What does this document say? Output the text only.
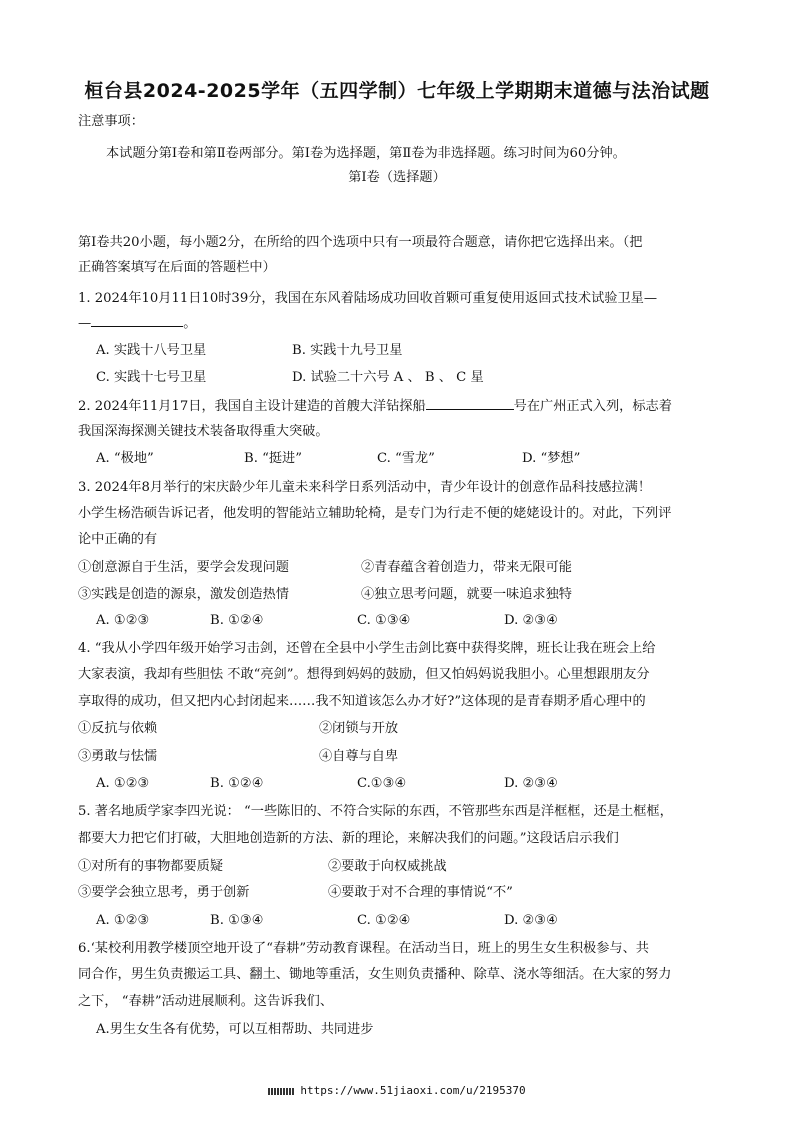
桓台县2024-2025学年（五四学制）七年级上学期期末道德与法治试题
注意事项：
本试题分第Ⅰ卷和第Ⅱ卷两部分。第Ⅰ卷为选择题，第Ⅱ卷为非选择题。练习时间为60分钟。
第Ⅰ卷（选择题）
第Ⅰ卷共20小题，每小题2分，在所给的四个选项中只有一项最符合题意，请你把它选择出来。（把
正确答案填写在后面的答题栏中）
1. 2024年10月11日10时39分，我国在东风着陆场成功回收首颗可重复使用返回式技术试验卫星—
—	。
A. 实践十八号卫星	B. 实践十九号卫星
C. 实践十七号卫星	D. 试验二十六号 A 、 B 、 C 星
2. 2024年11月17日，我国自主设计建造的首艘大洋钻探船	号在广州正式入列，标志着
我国深海探测关键技术装备取得重大突破。
A. “极地”	B. “挺进”	C. “雪龙”	D. “梦想”
3. 2024年8月举行的宋庆龄少年儿童未来科学日系列活动中，青少年设计的创意作品科技感拉满！
小学生杨浩硕告诉记者，他发明的智能站立辅助轮椅，是专门为行走不便的姥姥设计的。对此，下列评
论中正确的有
①创意源自于生活，要学会发现问题	②青春蕴含着创造力，带来无限可能
③实践是创造的源泉，激发创造热情	④独立思考问题，就要一味追求独特
A. ①②③	B. ①②④	C. ①③④	D. ②③④
4. “我从小学四年级开始学习击剑，还曾在全县中小学生击剑比赛中获得奖牌，班长让我在班会上给
大家表演，我却有些胆怯 不敢“亮剑”。想得到妈妈的鼓励，但又怕妈妈说我胆小。心里想跟朋友分
享取得的成功，但又把内心封闭起来……我不知道该怎么办才好?”这体现的是青春期矛盾心理中的
①反抗与依赖	②闭锁与开放
③勇敢与怯懦	④自尊与自卑
A. ①②③	B. ①②④	C.①③④	D. ②③④
5. 著名地质学家李四光说： “一些陈旧的、不符合实际的东西，不管那些东西是洋框框，还是土框框，
都要大力把它们打破，大胆地创造新的方法、新的理论，来解决我们的问题。”这段话启示我们
①对所有的事物都要质疑	②要敢于向权威挑战
③要学会独立思考，勇于创新	④要敢于对不合理的事情说“不”
A. ①②③	B. ①③④	C. ①②④	D. ②③④
6.‘某校利用教学楼顶空地开设了“春耕”劳动教育课程。在活动当日，班上的男生女生积极参与、共
同合作，男生负责搬运工具、翻土、锄地等重活，女生则负责播种、除草、浇水等细活。在大家的努力
之下， “春耕”活动进展顺利。这告诉我们、
A.男生女生各有优势，可以互相帮助、共同进步
https://www.51jiaoxi.com/u/2195370
